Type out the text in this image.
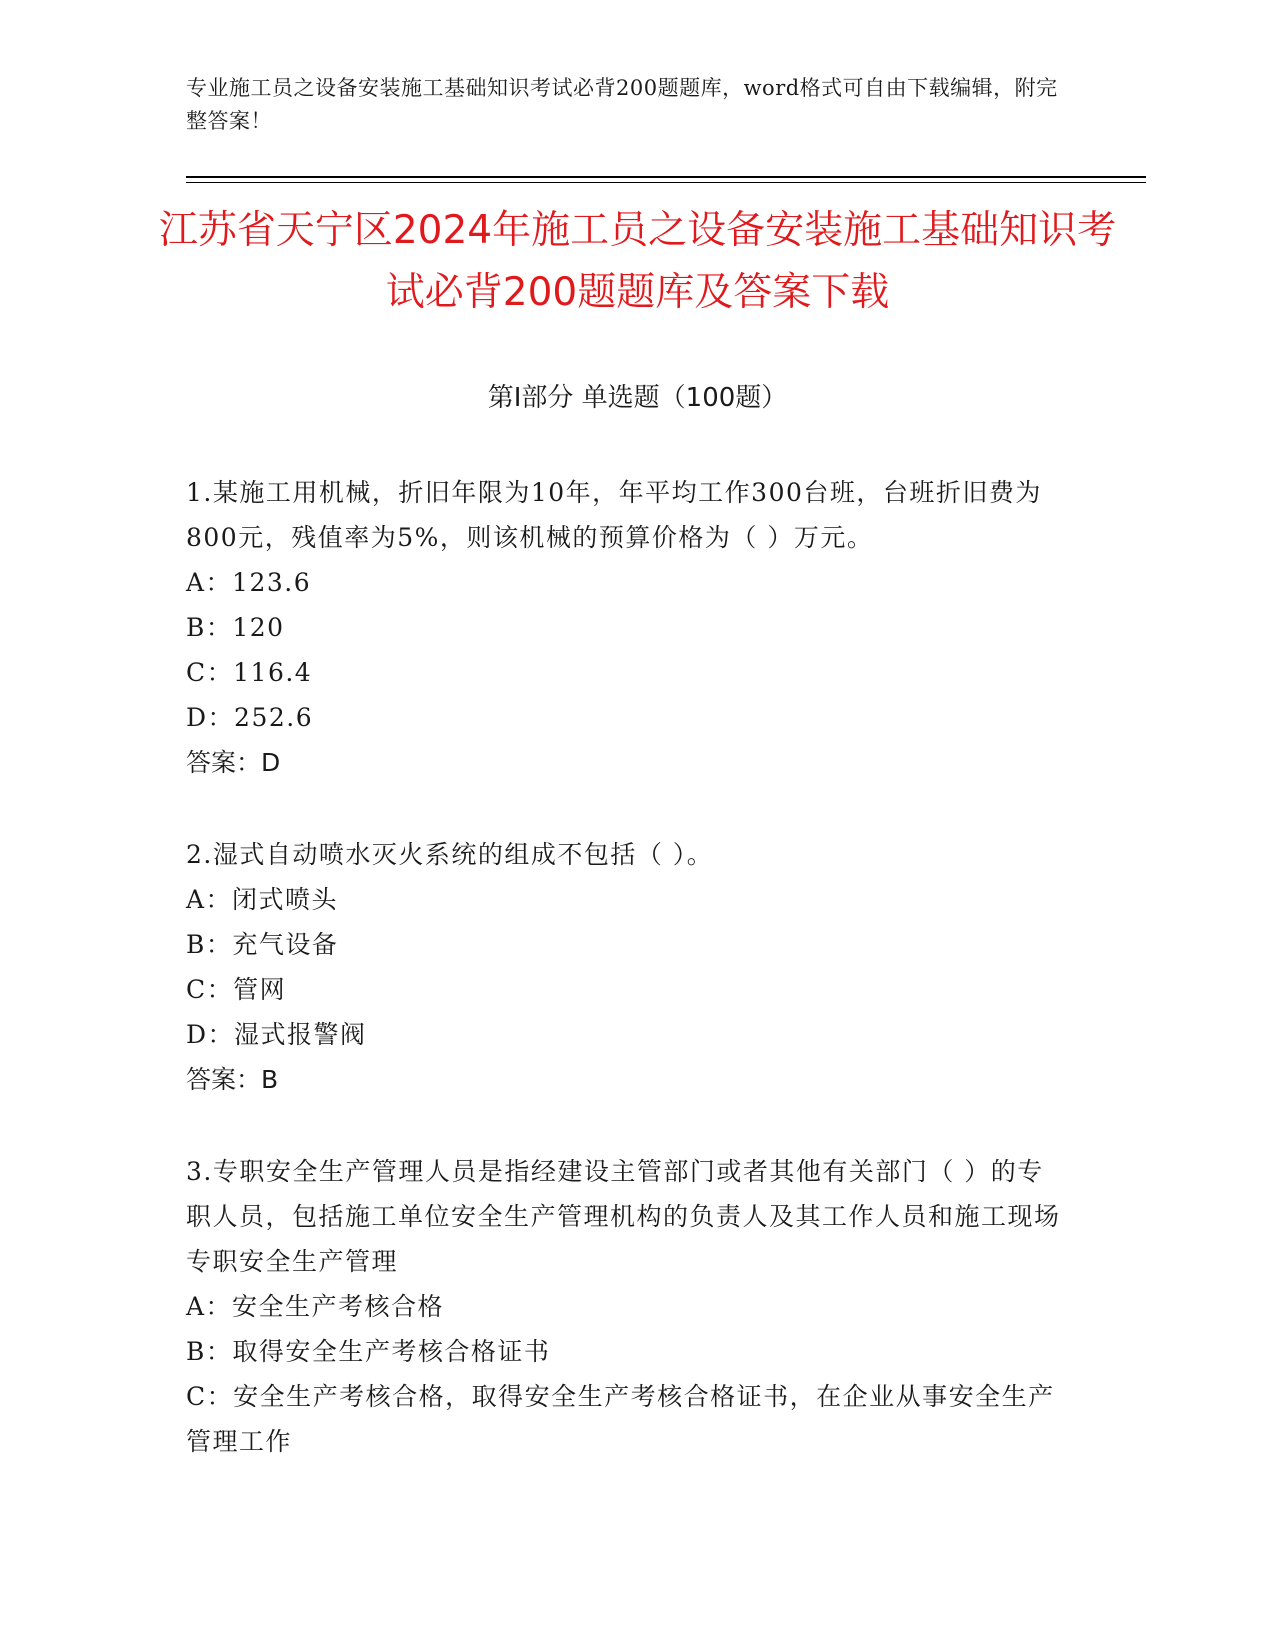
专业施工员之设备安装施工基础知识考试必背200题题库，word格式可自由下载编辑，附完整答案！
江苏省天宁区2024年施工员之设备安装施工基础知识考试必背200题题库及答案下载
第I部分 单选题（100题）
1.某施工用机械，折旧年限为10年，年平均工作300台班，台班折旧费为800元，残值率为5%，则该机械的预算价格为（ ）万元。
A：123.6
B：120
C：116.4
D：252.6
答案：D
2.湿式自动喷水灭火系统的组成不包括（ ）。
A：闭式喷头
B：充气设备
C：管网
D：湿式报警阀
答案：B
3.专职安全生产管理人员是指经建设主管部门或者其他有关部门（ ）的专职人员，包括施工单位安全生产管理机构的负责人及其工作人员和施工现场专职安全生产管理
A：安全生产考核合格
B：取得安全生产考核合格证书
C：安全生产考核合格，取得安全生产考核合格证书，在企业从事安全生产管理工作
